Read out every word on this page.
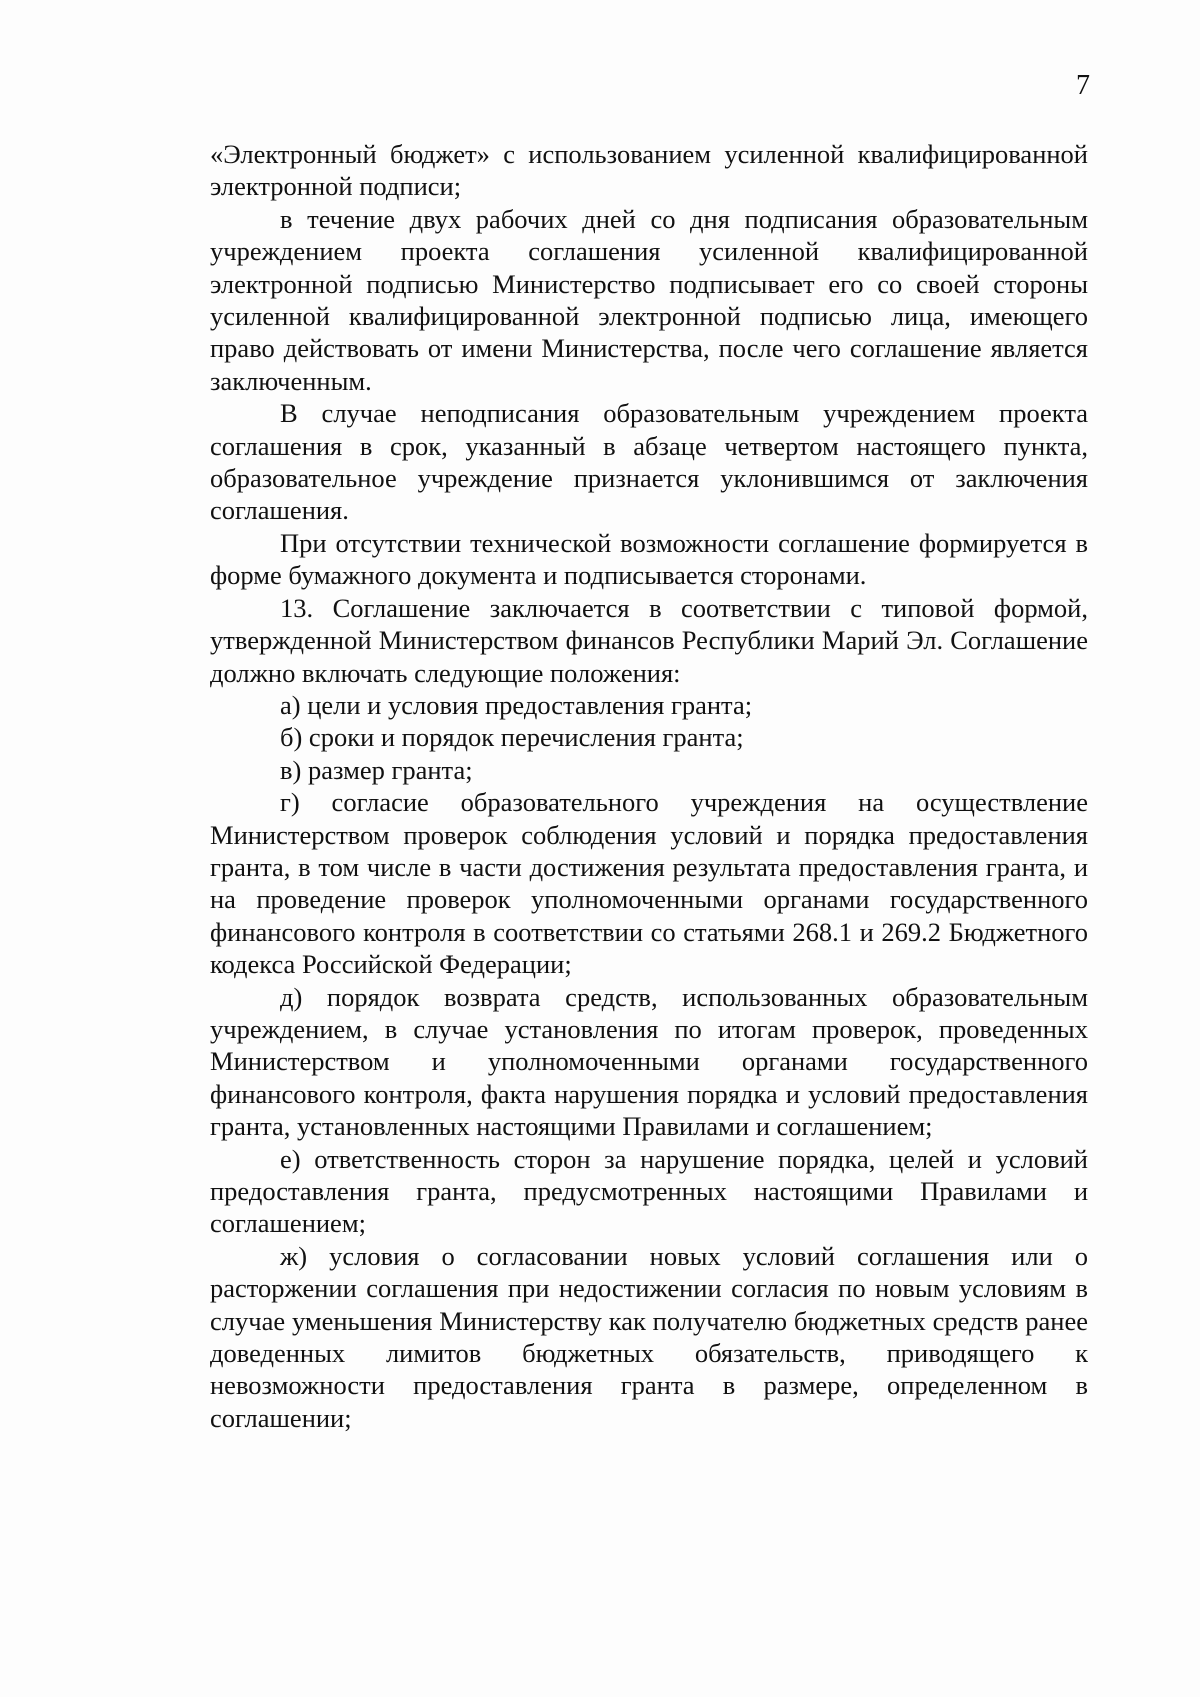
7

«Электронный бюджет» с использованием усиленной квалифицированной электронной подписи;

в течение двух рабочих дней со дня подписания образовательным учреждением проекта соглашения усиленной квалифицированной электронной подписью Министерство подписывает его со своей стороны усиленной квалифицированной электронной подписью лица, имеющего право действовать от имени Министерства, после чего соглашение является заключенным.

В случае неподписания образовательным учреждением проекта соглашения в срок, указанный в абзаце четвертом настоящего пункта, образовательное учреждение признается уклонившимся от заключения соглашения.

При отсутствии технической возможности соглашение формируется в форме бумажного документа и подписывается сторонами.

13. Соглашение заключается в соответствии с типовой формой, утвержденной Министерством финансов Республики Марий Эл. Соглашение должно включать следующие положения:

а) цели и условия предоставления гранта;

б) сроки и порядок перечисления гранта;

в) размер гранта;

г) согласие образовательного учреждения на осуществление Министерством проверок соблюдения условий и порядка предоставления гранта, в том числе в части достижения результата предоставления гранта, и на проведение проверок уполномоченными органами государственного финансового контроля в соответствии со статьями 268.1 и 269.2 Бюджетного кодекса Российской Федерации;

д) порядок возврата средств, использованных образовательным учреждением, в случае установления по итогам проверок, проведенных Министерством и уполномоченными органами государственного финансового контроля, факта нарушения порядка и условий предоставления гранта, установленных настоящими Правилами и соглашением;

е) ответственность сторон за нарушение порядка, целей и условий предоставления гранта, предусмотренных настоящими Правилами и соглашением;

ж) условия о согласовании новых условий соглашения или о расторжении соглашения при недостижении согласия по новым условиям в случае уменьшения Министерству как получателю бюджетных средств ранее доведенных лимитов бюджетных обязательств, приводящего к невозможности предоставления гранта в размере, определенном в соглашении;
